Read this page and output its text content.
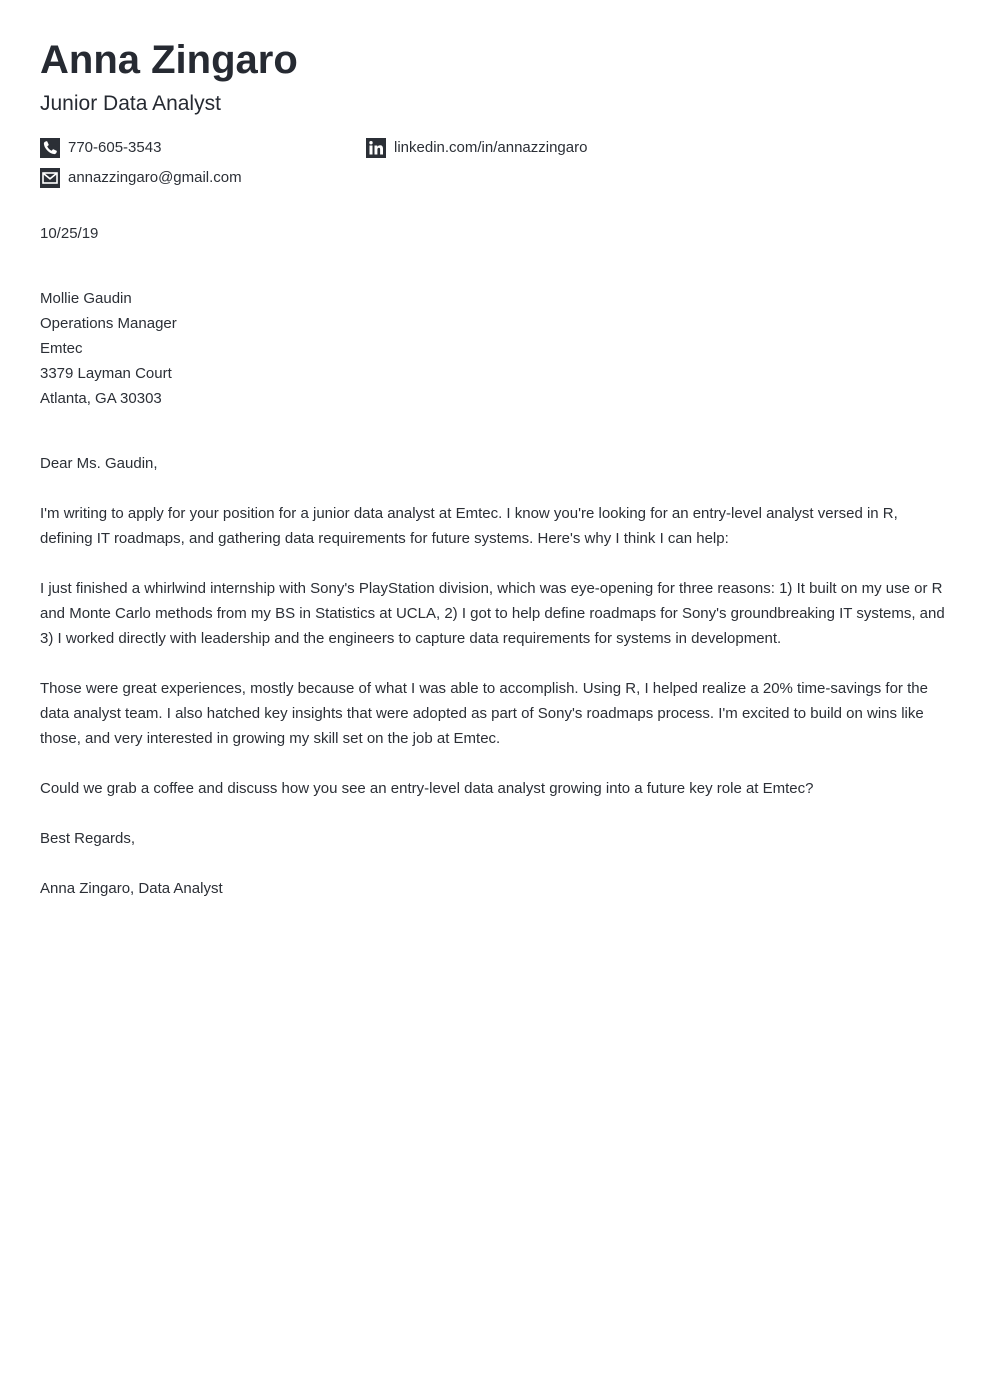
Anna Zingaro
Junior Data Analyst
770-605-3543
annazzingaro@gmail.com
linkedin.com/in/annazzingaro
10/25/19
Mollie Gaudin
Operations Manager
Emtec
3379 Layman Court
Atlanta, GA 30303
Dear Ms. Gaudin,

I'm writing to apply for your position for a junior data analyst at Emtec. I know you're looking for an entry-level analyst versed in R, defining IT roadmaps, and gathering data requirements for future systems. Here's why I think I can help:

I just finished a whirlwind internship with Sony's PlayStation division, which was eye-opening for three reasons: 1) It built on my use or R and Monte Carlo methods from my BS in Statistics at UCLA, 2) I got to help define roadmaps for Sony's groundbreaking IT systems, and 3) I worked directly with leadership and the engineers to capture data requirements for systems in development.

Those were great experiences, mostly because of what I was able to accomplish. Using R, I helped realize a 20% time-savings for the data analyst team. I also hatched key insights that were adopted as part of Sony's roadmaps process. I'm excited to build on wins like those, and very interested in growing my skill set on the job at Emtec.

Could we grab a coffee and discuss how you see an entry-level data analyst growing into a future key role at Emtec?

Best Regards,
Anna Zingaro, Data Analyst
